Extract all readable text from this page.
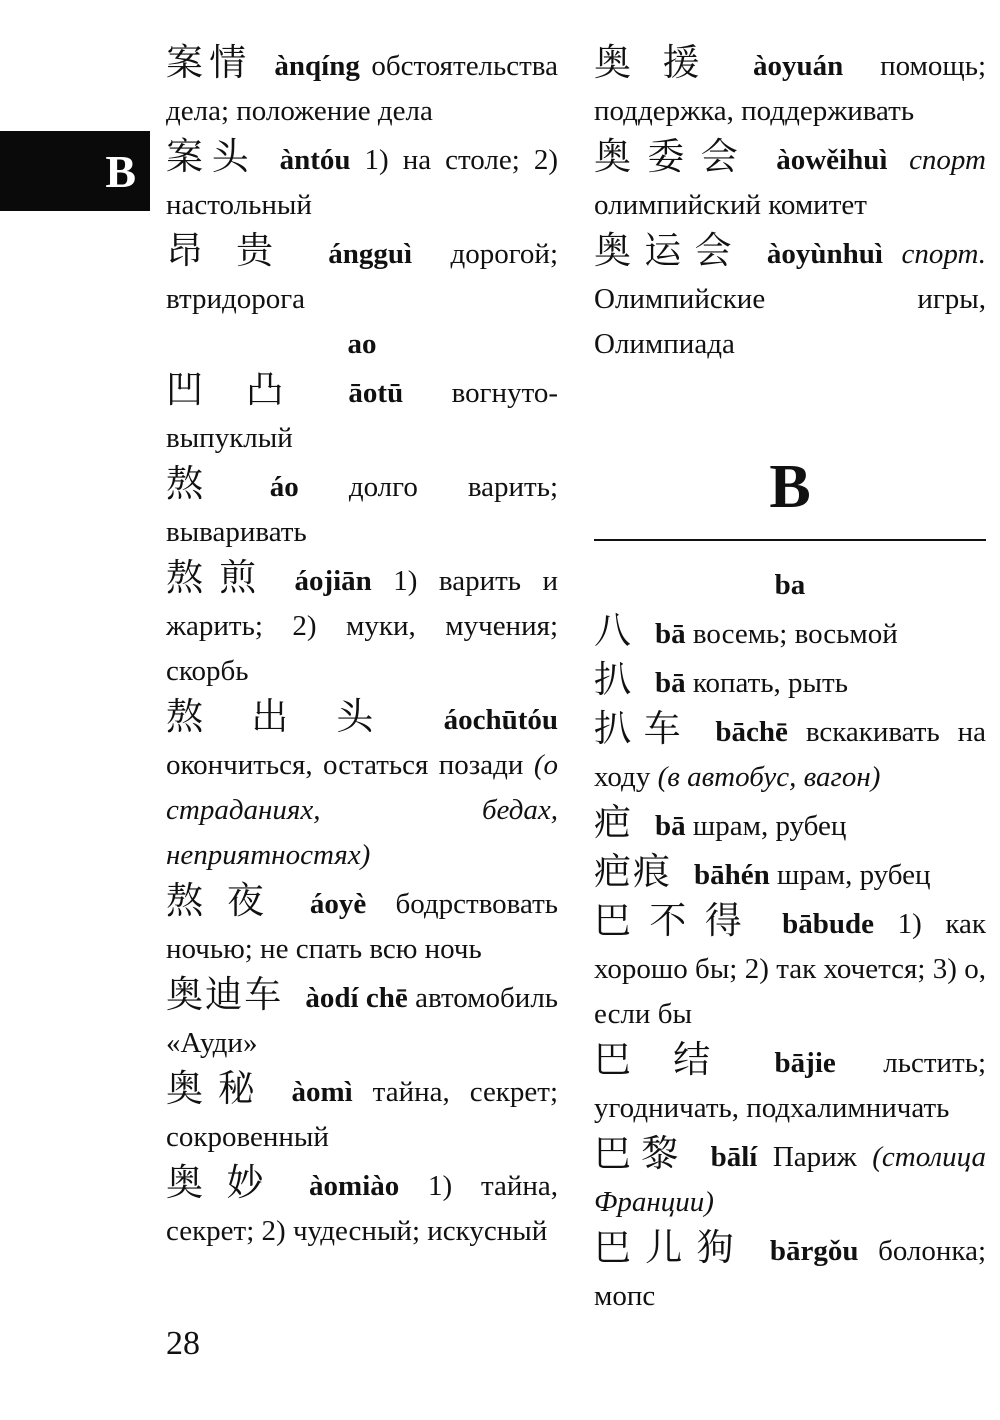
B
案情 ànqíng обстоятельства дела; положение дела
案头 àntóu 1) на столе; 2) настольный
昂贵 ángguì дорогой; втридорога
ao
凹凸 āotū вогнуто-выпуклый
熬 áo долго варить; вываривать
熬煎 áojiān 1) варить и жарить; 2) муки, мучения; скорбь
熬出头 áochūtóu окончиться, остаться позади (о страданиях, бедах, неприятностях)
熬夜 áoyè бодрствовать ночью; не спать всю ночь
奥迪车 àodí chē автомобиль «Ауди»
奥秘 àomì тайна, секрет; сокровенный
奥妙 àomiào 1) тайна, секрет; 2) чудесный; искусный
奥援 àoyuán помощь; поддержка, поддерживать
奥委会 àowěihuì спорт олимпийский комитет
奥运会 àoyùnhuì спорт. Олимпийские игры, Олимпиада
B
ba
八 bā восемь; восьмой
扒 bā копать, рыть
扒车 bāchē вскакивать на ходу (в автобус, вагон)
疤 bā шрам, рубец
疤痕 bāhén шрам, рубец
巴不得 bābude 1) как хорошо бы; 2) так хочется; 3) о, если бы
巴结 bājie льстить; угодничать, подхалимничать
巴黎 bālí Париж (столица Франции)
巴儿狗 bārgǒu болонка; мопс
28
